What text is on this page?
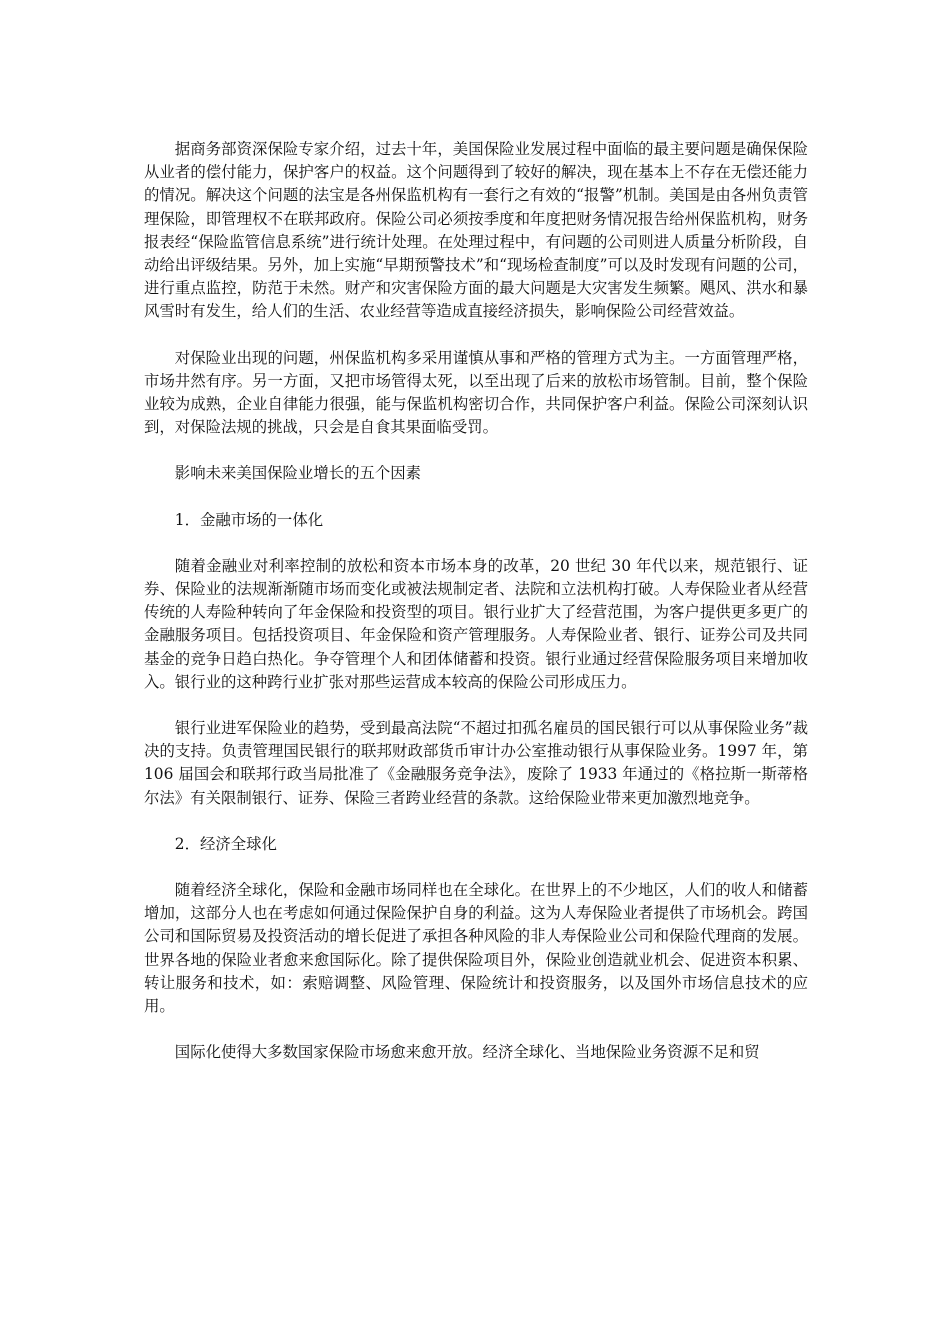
据商务部资深保险专家介绍，过去十年，美国保险业发展过程中面临的最主要问题是确保保险从业者的偿付能力，保护客户的权益。这个问题得到了较好的解决，现在基本上不存在无偿还能力的情况。解决这个问题的法宝是各州保监机构有一套行之有效的“报警”机制。美国是由各州负责管理保险，即管理权不在联邦政府。保险公司必须按季度和年度把财务情况报告给州保监机构，财务报表经“保险监管信息系统”进行统计处理。在处理过程中，有问题的公司则进人质量分析阶段，自动给出评级结果。另外，加上实施“早期预警技术”和“现场检查制度”可以及时发现有问题的公司，进行重点监控，防范于未然。财产和灾害保险方面的最大问题是大灾害发生频繁。飓风、洪水和暴风雪时有发生，给人们的生活、农业经营等造成直接经济损失，影响保险公司经营效益。

对保险业出现的问题，州保监机构多采用谨慎从事和严格的管理方式为主。一方面管理严格，市场井然有序。另一方面，又把市场管得太死，以至出现了后来的放松市场管制。目前，整个保险业较为成熟，企业自律能力很强，能与保监机构密切合作，共同保护客户利益。保险公司深刻认识到，对保险法规的挑战，只会是自食其果面临受罚。

影响未来美国保险业增长的五个因素

1．金融市场的一体化

随着金融业对利率控制的放松和资本市场本身的改革，20 世纪 30 年代以来，规范银行、证券、保险业的法规渐渐随市场而变化或被法规制定者、法院和立法机构打破。人寿保险业者从经营传统的人寿险种转向了年金保险和投资型的项目。银行业扩大了经营范围，为客户提供更多更广的金融服务项目。包括投资项目、年金保险和资产管理服务。人寿保险业者、银行、证券公司及共同基金的竞争日趋白热化。争夺管理个人和团体储蓄和投资。银行业通过经营保险服务项目来增加收入。银行业的这种跨行业扩张对那些运营成本较高的保险公司形成压力。

银行业进军保险业的趋势，受到最高法院“不超过扣孤名雇员的国民银行可以从事保险业务”裁决的支持。负责管理国民银行的联邦财政部货币审计办公室推动银行从事保险业务。1997 年，第 106 届国会和联邦行政当局批准了《金融服务竞争法》，废除了 1933 年通过的《格拉斯一斯蒂格尔法》有关限制银行、证券、保险三者跨业经营的条款。这给保险业带来更加激烈地竞争。

2．经济全球化

随着经济全球化，保险和金融市场同样也在全球化。在世界上的不少地区，人们的收人和储蓄增加，这部分人也在考虑如何通过保险保护自身的利益。这为人寿保险业者提供了市场机会。跨国公司和国际贸易及投资活动的增长促进了承担各种风险的非人寿保险业公司和保险代理商的发展。世界各地的保险业者愈来愈国际化。除了提供保险项目外，保险业创造就业机会、促进资本积累、转让服务和技术，如：索赔调整、风险管理、保险统计和投资服务，以及国外市场信息技术的应用。

国际化使得大多数国家保险市场愈来愈开放。经济全球化、当地保险业务资源不足和贸
